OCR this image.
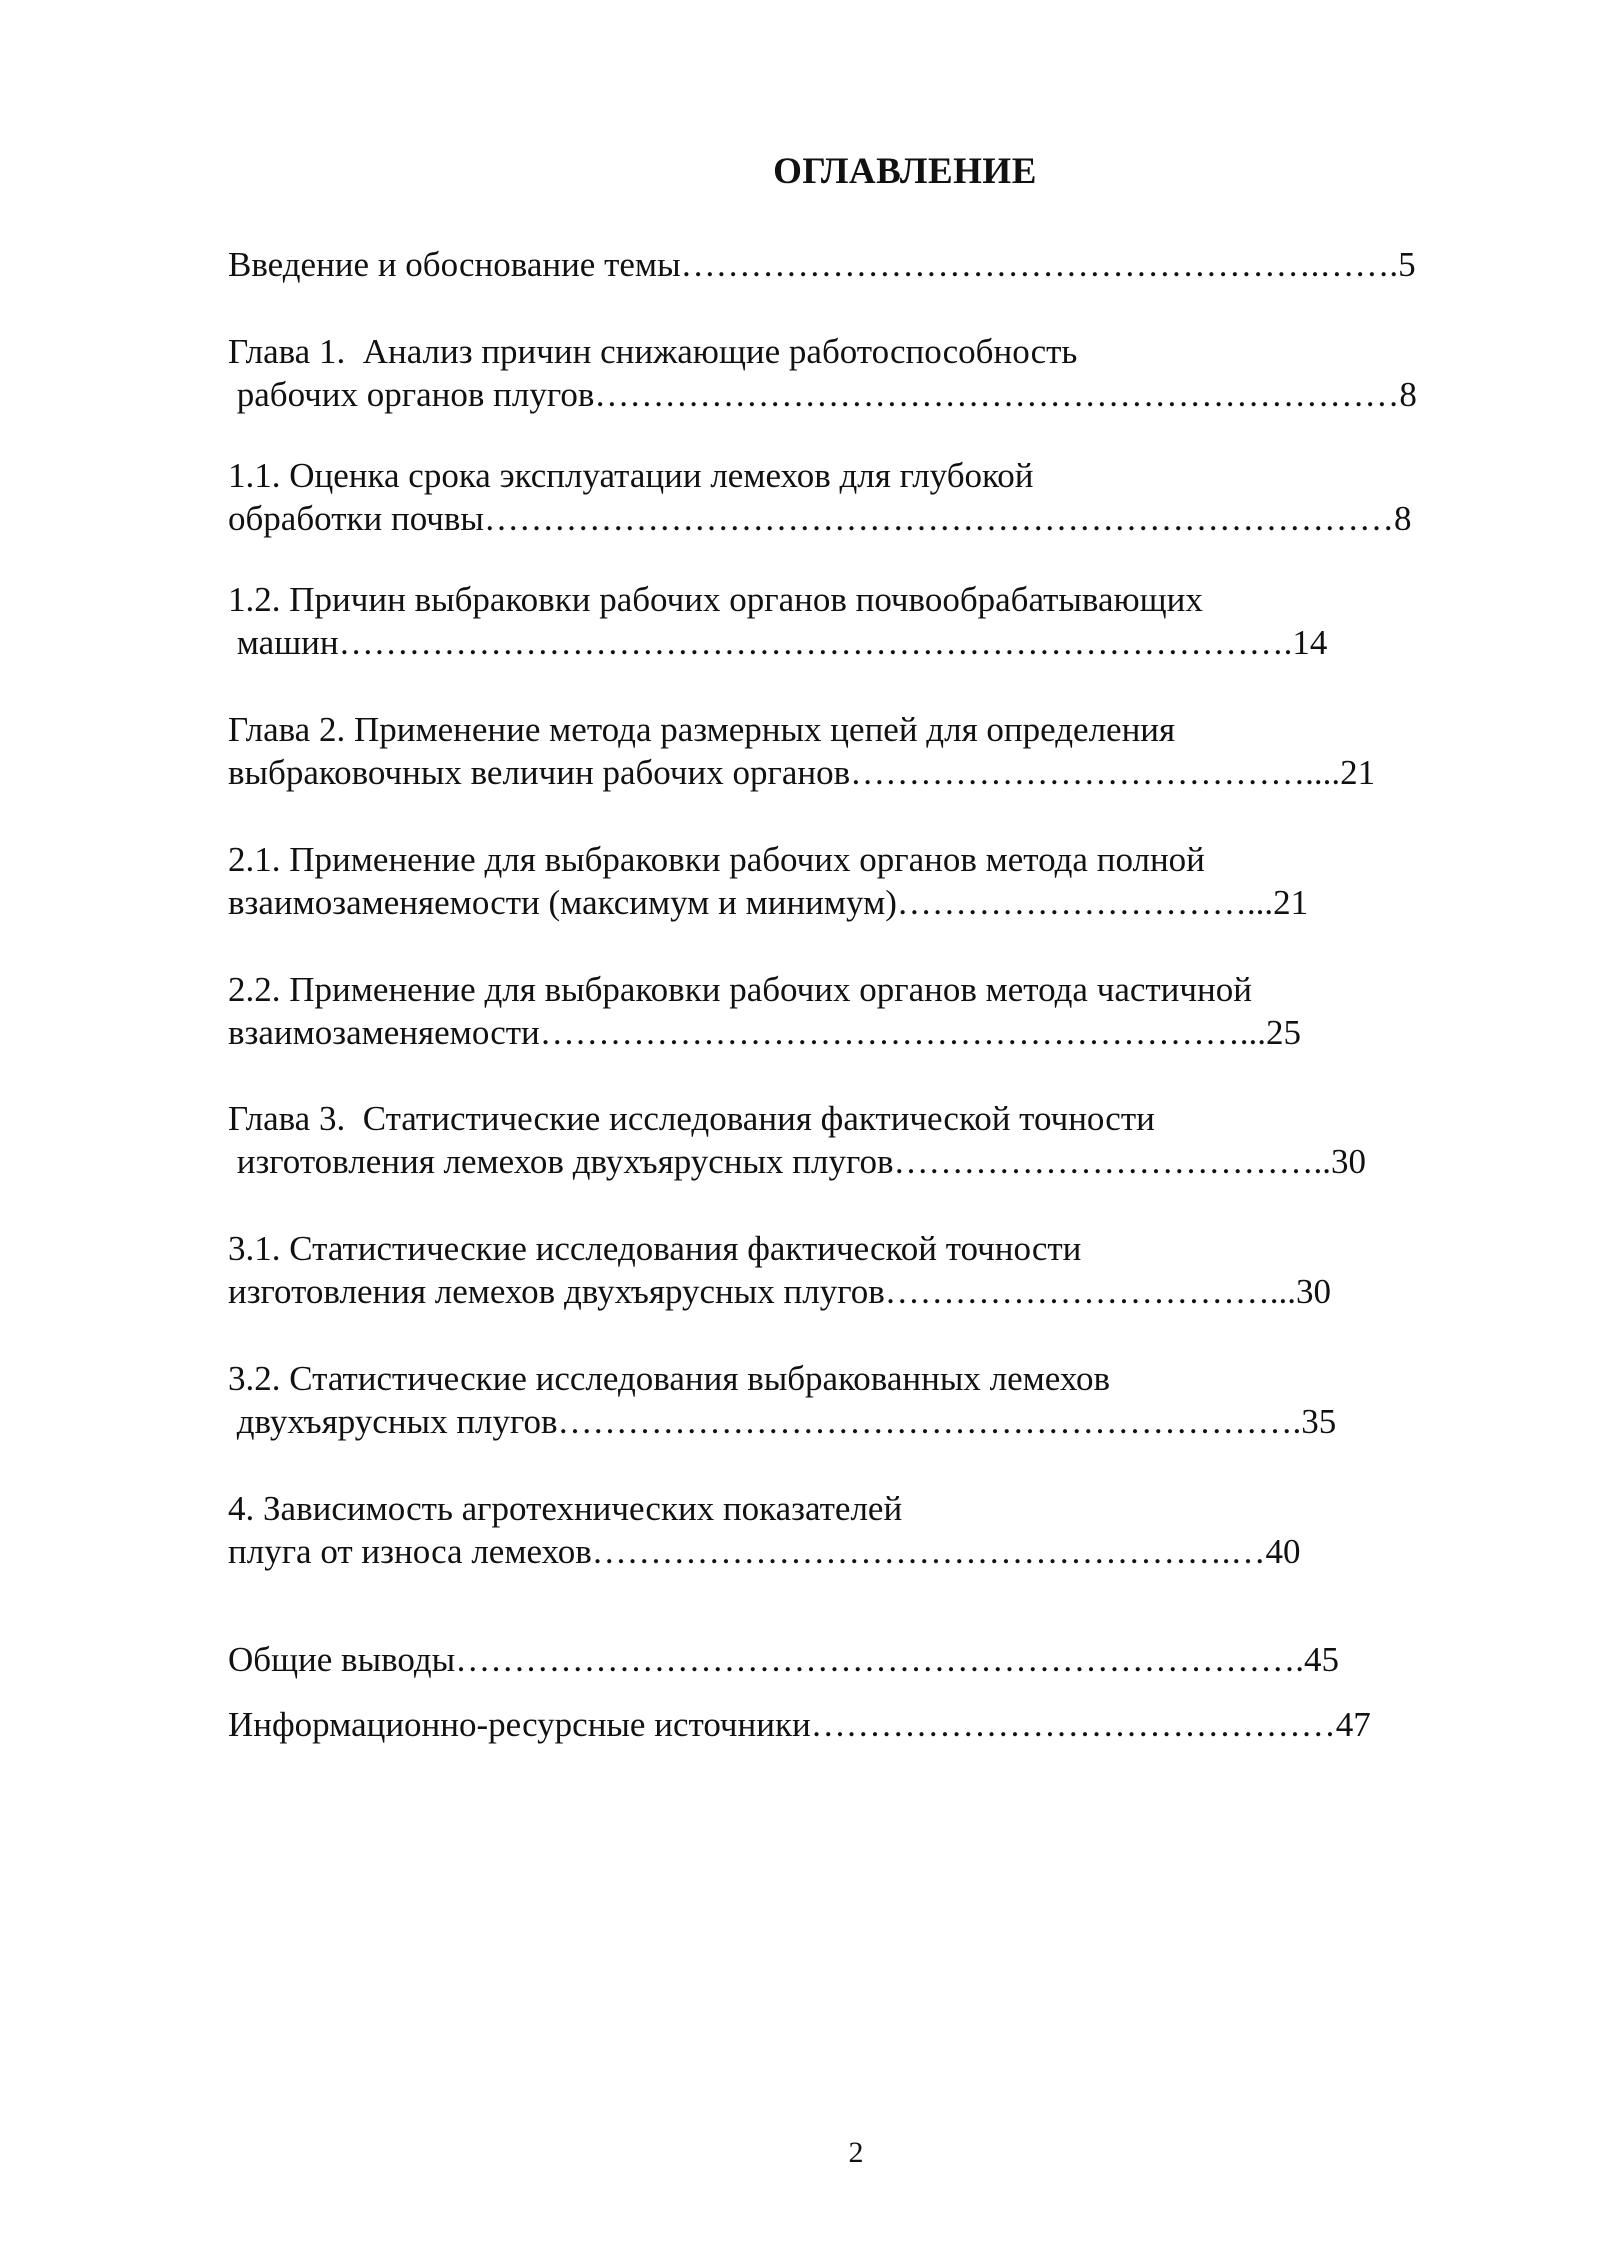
ОГЛАВЛЕНИЕ
Введение и обоснование темы……………………………………………….…….5
Глава 1.  Анализ причин снижающие работоспособность
рабочих органов плугов……………………………………………………………8
1.1. Оценка срока эксплуатации лемехов для глубокой
обработки почвы……………………………………………………………………8
1.2. Причин выбраковки рабочих органов почвообрабатывающих
машин……………………………………………………………………….14
Глава 2. Применение метода размерных цепей для определения
выбраковочных величин рабочих органов…………………………………....21
2.1. Применение для выбраковки рабочих органов метода полной
взаимозаменяемости (максимум и минимум)…………………………...21
2.2. Применение для выбраковки рабочих органов метода частичной
взаимозаменяемости……………………………………………………...25
Глава 3.  Статистические исследования фактической точности
изготовления лемехов двухъярусных плугов………………………………..30
3.1. Статистические исследования фактической точности
изготовления лемехов двухъярусных плугов……………………………...30
3.2. Статистические исследования выбракованных лемехов
двухъярусных плугов……………………………………………………….35
4. Зависимость агротехнических показателей
плуга от износа лемехов……………………………………………….…40
Общие выводы……………………………………………………………….45
Информационно-ресурсные источники………………………………………47
2
